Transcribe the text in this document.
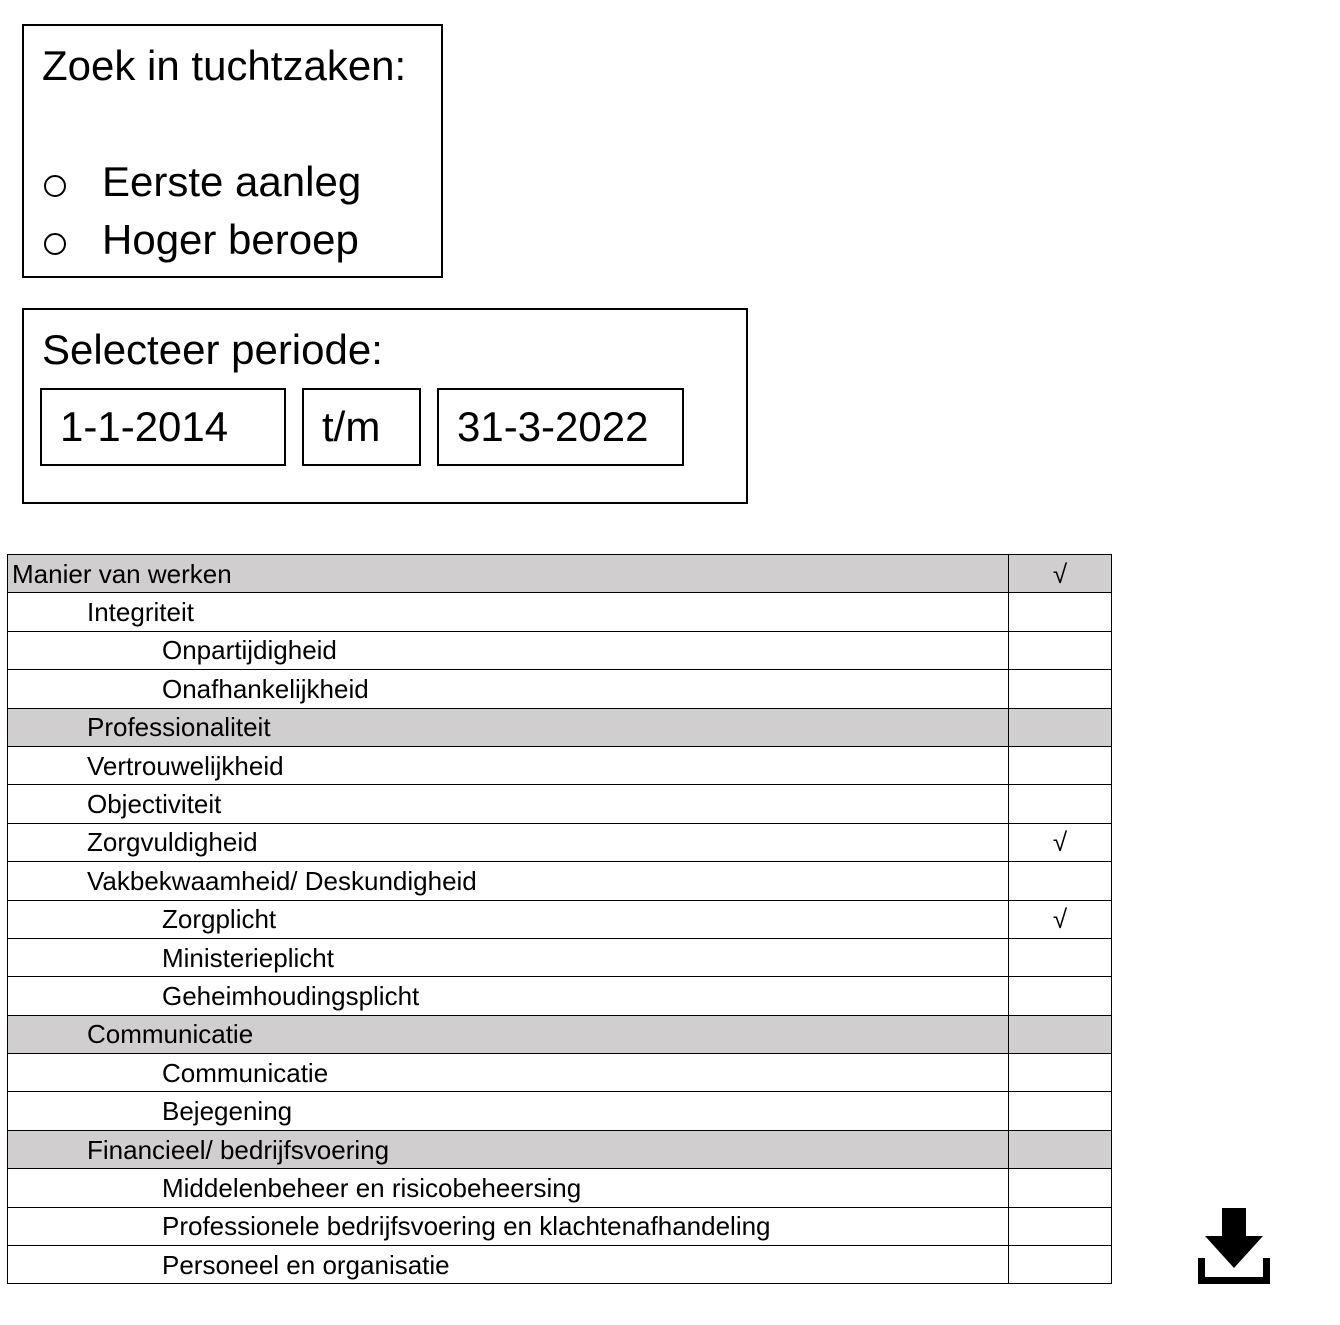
Zoek in tuchtzaken:
Eerste aanleg
Hoger beroep
Selecteer periode:
1-1-2014	t/m	31-3-2022
Manier van werken	√
Integriteit	
Onpartijdigheid	
Onafhankelijkheid	
Professionaliteit	
Vertrouwelijkheid	
Objectiviteit	
Zorgvuldigheid	√
Vakbekwaamheid/ Deskundigheid	
Zorgplicht	√
Ministerieplicht	
Geheimhoudingsplicht	
Communicatie	
Communicatie	
Bejegening	
Financieel/ bedrijfsvoering	
Middelenbeheer en risicobeheersing	
Professionele bedrijfsvoering en klachtenafhandeling	
Personeel en organisatie	
